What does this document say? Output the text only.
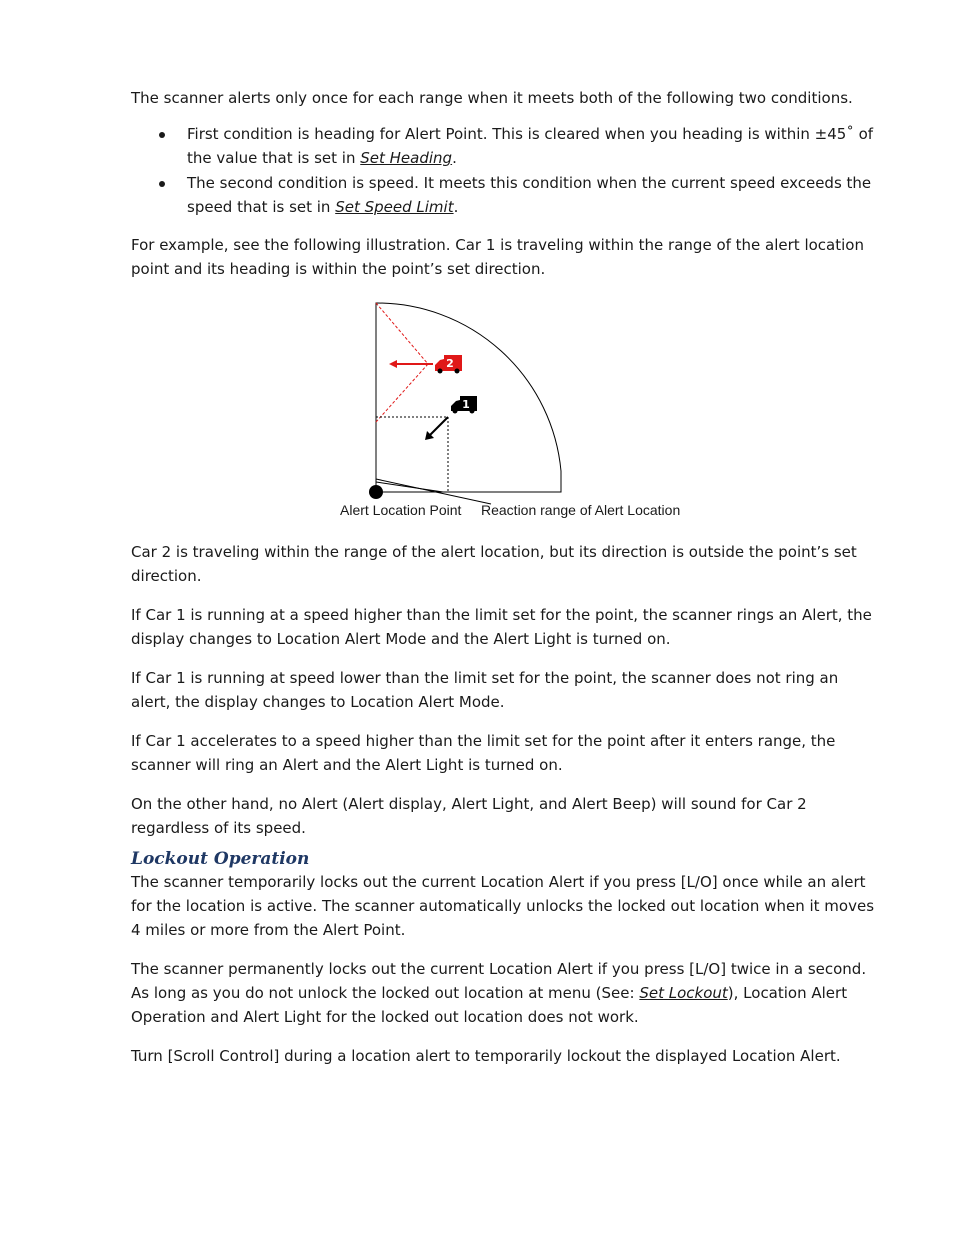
The scanner alerts only once for each range when it meets both of the following two conditions.

First condition is heading for Alert Point. This is cleared when you heading is within ±45˚ of the value that is set in Set Heading.
The second condition is speed. It meets this condition when the current speed exceeds the speed that is set in Set Speed Limit.

For example, see the following illustration. Car 1 is traveling within the range of the alert location point and its heading is within the point’s set direction.

2
1
Alert Location Point Reaction range of Alert Location

Car 2 is traveling within the range of the alert location, but its direction is outside the point’s set direction.

If Car 1 is running at a speed higher than the limit set for the point, the scanner rings an Alert, the display changes to Location Alert Mode and the Alert Light is turned on.

If Car 1 is running at speed lower than the limit set for the point, the scanner does not ring an alert, the display changes to Location Alert Mode.

If Car 1 accelerates to a speed higher than the limit set for the point after it enters range, the scanner will ring an Alert and the Alert Light is turned on.

On the other hand, no Alert (Alert display, Alert Light, and Alert Beep) will sound for Car 2 regardless of its speed.

Lockout Operation

The scanner temporarily locks out the current Location Alert if you press [L/O] once while an alert for the location is active. The scanner automatically unlocks the locked out location when it moves 4 miles or more from the Alert Point.

The scanner permanently locks out the current Location Alert if you press [L/O] twice in a second. As long as you do not unlock the locked out location at menu (See: Set Lockout), Location Alert Operation and Alert Light for the locked out location does not work.

Turn [Scroll Control] during a location alert to temporarily lockout the displayed Location Alert.
